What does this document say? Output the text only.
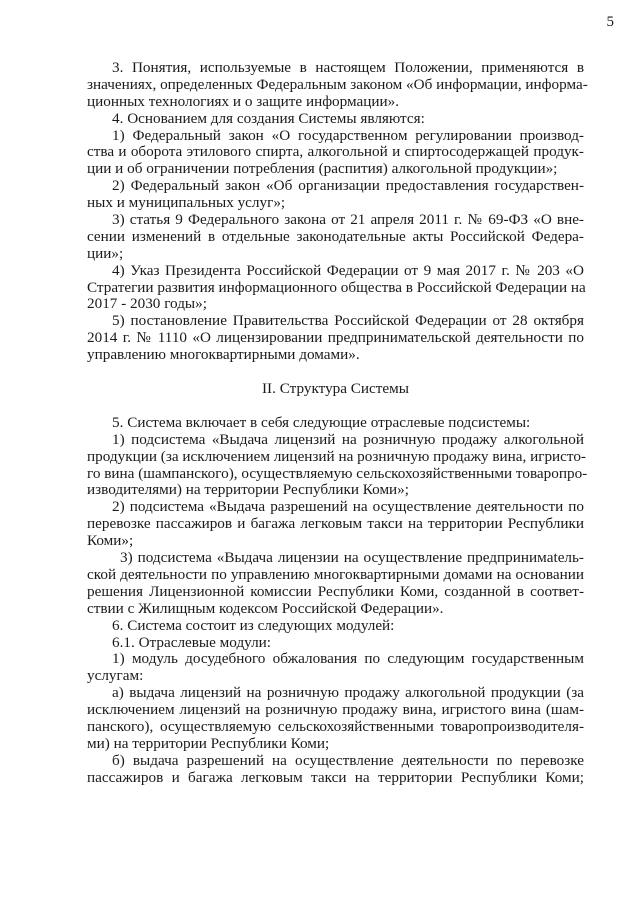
5
3. Понятия, используемые в настоящем Положении, применяются в
значениях, определенных Федеральным законом «Об информации, информа-
ционных технологиях и о защите информации».
4. Основанием для создания Системы являются:
1) Федеральный закон «О государственном регулировании производ-
ства и оборота этилового спирта, алкогольной и спиртосодержащей продук-
ции и об ограничении потребления (распития) алкогольной продукции»;
2) Федеральный закон «Об организации предоставления государствен-
ных и муниципальных услуг»;
3) статья 9 Федерального закона от 21 апреля 2011 г. № 69-ФЗ «О вне-
сении изменений в отдельные законодательные акты Российской Федера-
ции»;
4) Указ Президента Российской Федерации от 9 мая 2017 г. № 203 «О
Стратегии развития информационного общества в Российской Федерации на
2017 - 2030 годы»;
5) постановление Правительства Российской Федерации от 28 октября
2014 г. № 1110 «О лицензировании предпринимательской деятельности по
управлению многоквартирными домами».
II. Структура Системы
5. Система включает в себя следующие отраслевые подсистемы:
1) подсистема «Выдача лицензий на розничную продажу алкогольной
продукции (за исключением лицензий на розничную продажу вина, игристо-
го вина (шампанского), осуществляемую сельскохозяйственными товаропро-
изводителями) на территории Республики Коми»;
2) подсистема «Выдача разрешений на осуществление деятельности по
перевозке пассажиров и багажа легковым такси на территории Республики
Коми»;
3) подсистема «Выдача лицензии на осуществление предпринимatель-
ской деятельности по управлению многоквартирными домами на основании
решения Лицензионной комиссии Республики Коми, созданной в соответ-
ствии с Жилищным кодексом Российской Федерации».
6. Система состоит из следующих модулей:
6.1. Отраслевые модули:
1) модуль досудебного обжалования по следующим государственным
услугам:
а) выдача лицензий на розничную продажу алкогольной продукции (за
исключением лицензий на розничную продажу вина, игристого вина (шам-
панского), осуществляемую сельскохозяйственными товаропроизводителя-
ми) на территории Республики Коми;
б) выдача разрешений на осуществление деятельности по перевозке
пассажиров и багажа легковым такси на территории Республики Коми;
